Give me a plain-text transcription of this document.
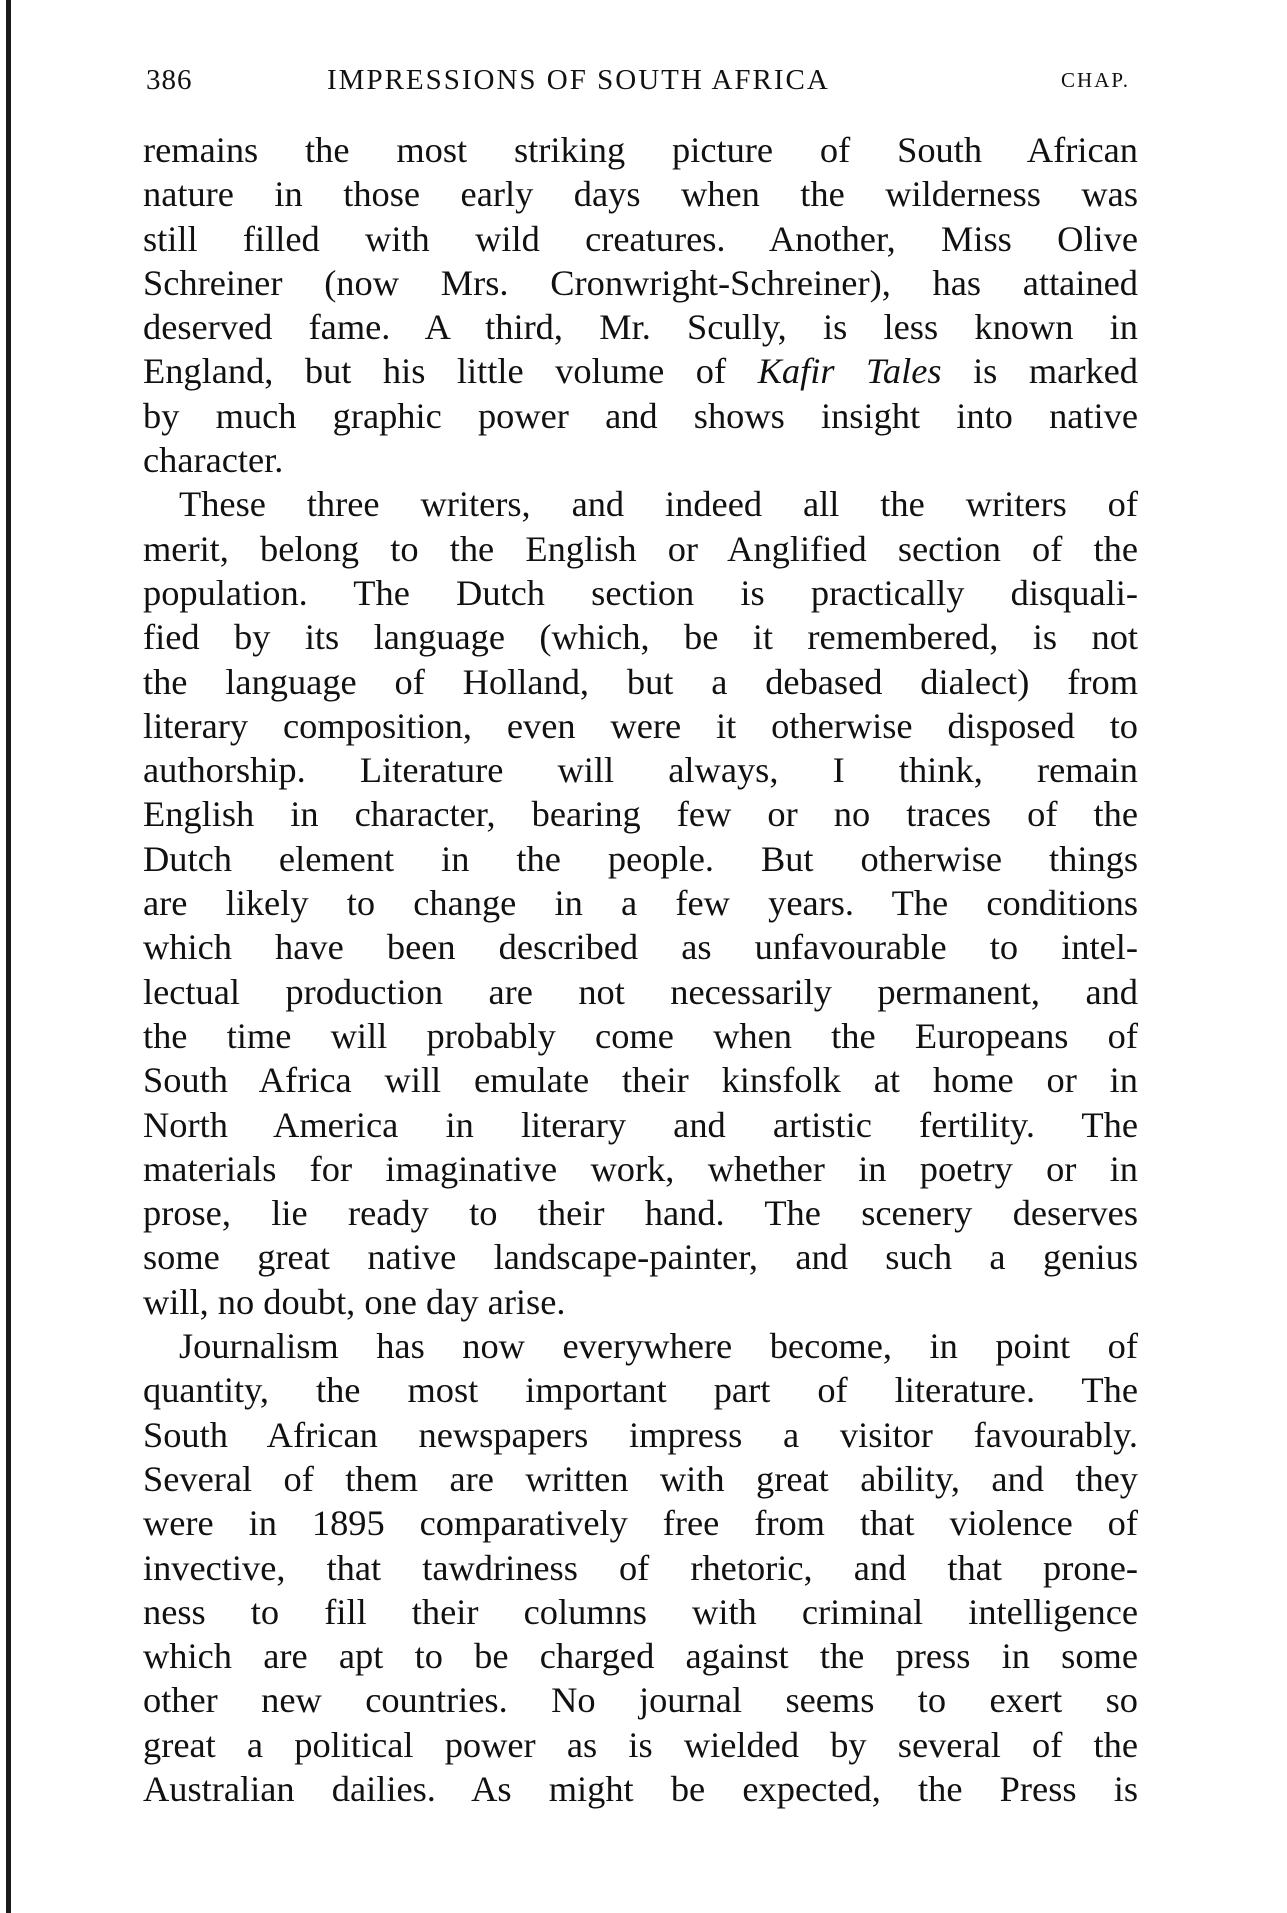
386	IMPRESSIONS OF SOUTH AFRICA	CHAP.
remains the most striking picture of South African
nature in those early days when the wilderness was
still filled with wild creatures. Another, Miss Olive
Schreiner (now Mrs. Cronwright-Schreiner), has attained
deserved fame. A third, Mr. Scully, is less known in
England, but his little volume of Kafir Tales is marked
by much graphic power and shows insight into native
character.
These three writers, and indeed all the writers of
merit, belong to the English or Anglified section of the
population. The Dutch section is practically disquali-
fied by its language (which, be it remembered, is not
the language of Holland, but a debased dialect) from
literary composition, even were it otherwise disposed to
authorship. Literature will always, I think, remain
English in character, bearing few or no traces of the
Dutch element in the people. But otherwise things
are likely to change in a few years. The conditions
which have been described as unfavourable to intel-
lectual production are not necessarily permanent, and
the time will probably come when the Europeans of
South Africa will emulate their kinsfolk at home or in
North America in literary and artistic fertility. The
materials for imaginative work, whether in poetry or in
prose, lie ready to their hand. The scenery deserves
some great native landscape-painter, and such a genius
will, no doubt, one day arise.
Journalism has now everywhere become, in point of
quantity, the most important part of literature. The
South African newspapers impress a visitor favourably.
Several of them are written with great ability, and they
were in 1895 comparatively free from that violence of
invective, that tawdriness of rhetoric, and that prone-
ness to fill their columns with criminal intelligence
which are apt to be charged against the press in some
other new countries. No journal seems to exert so
great a political power as is wielded by several of the
Australian dailies. As might be expected, the Press is
